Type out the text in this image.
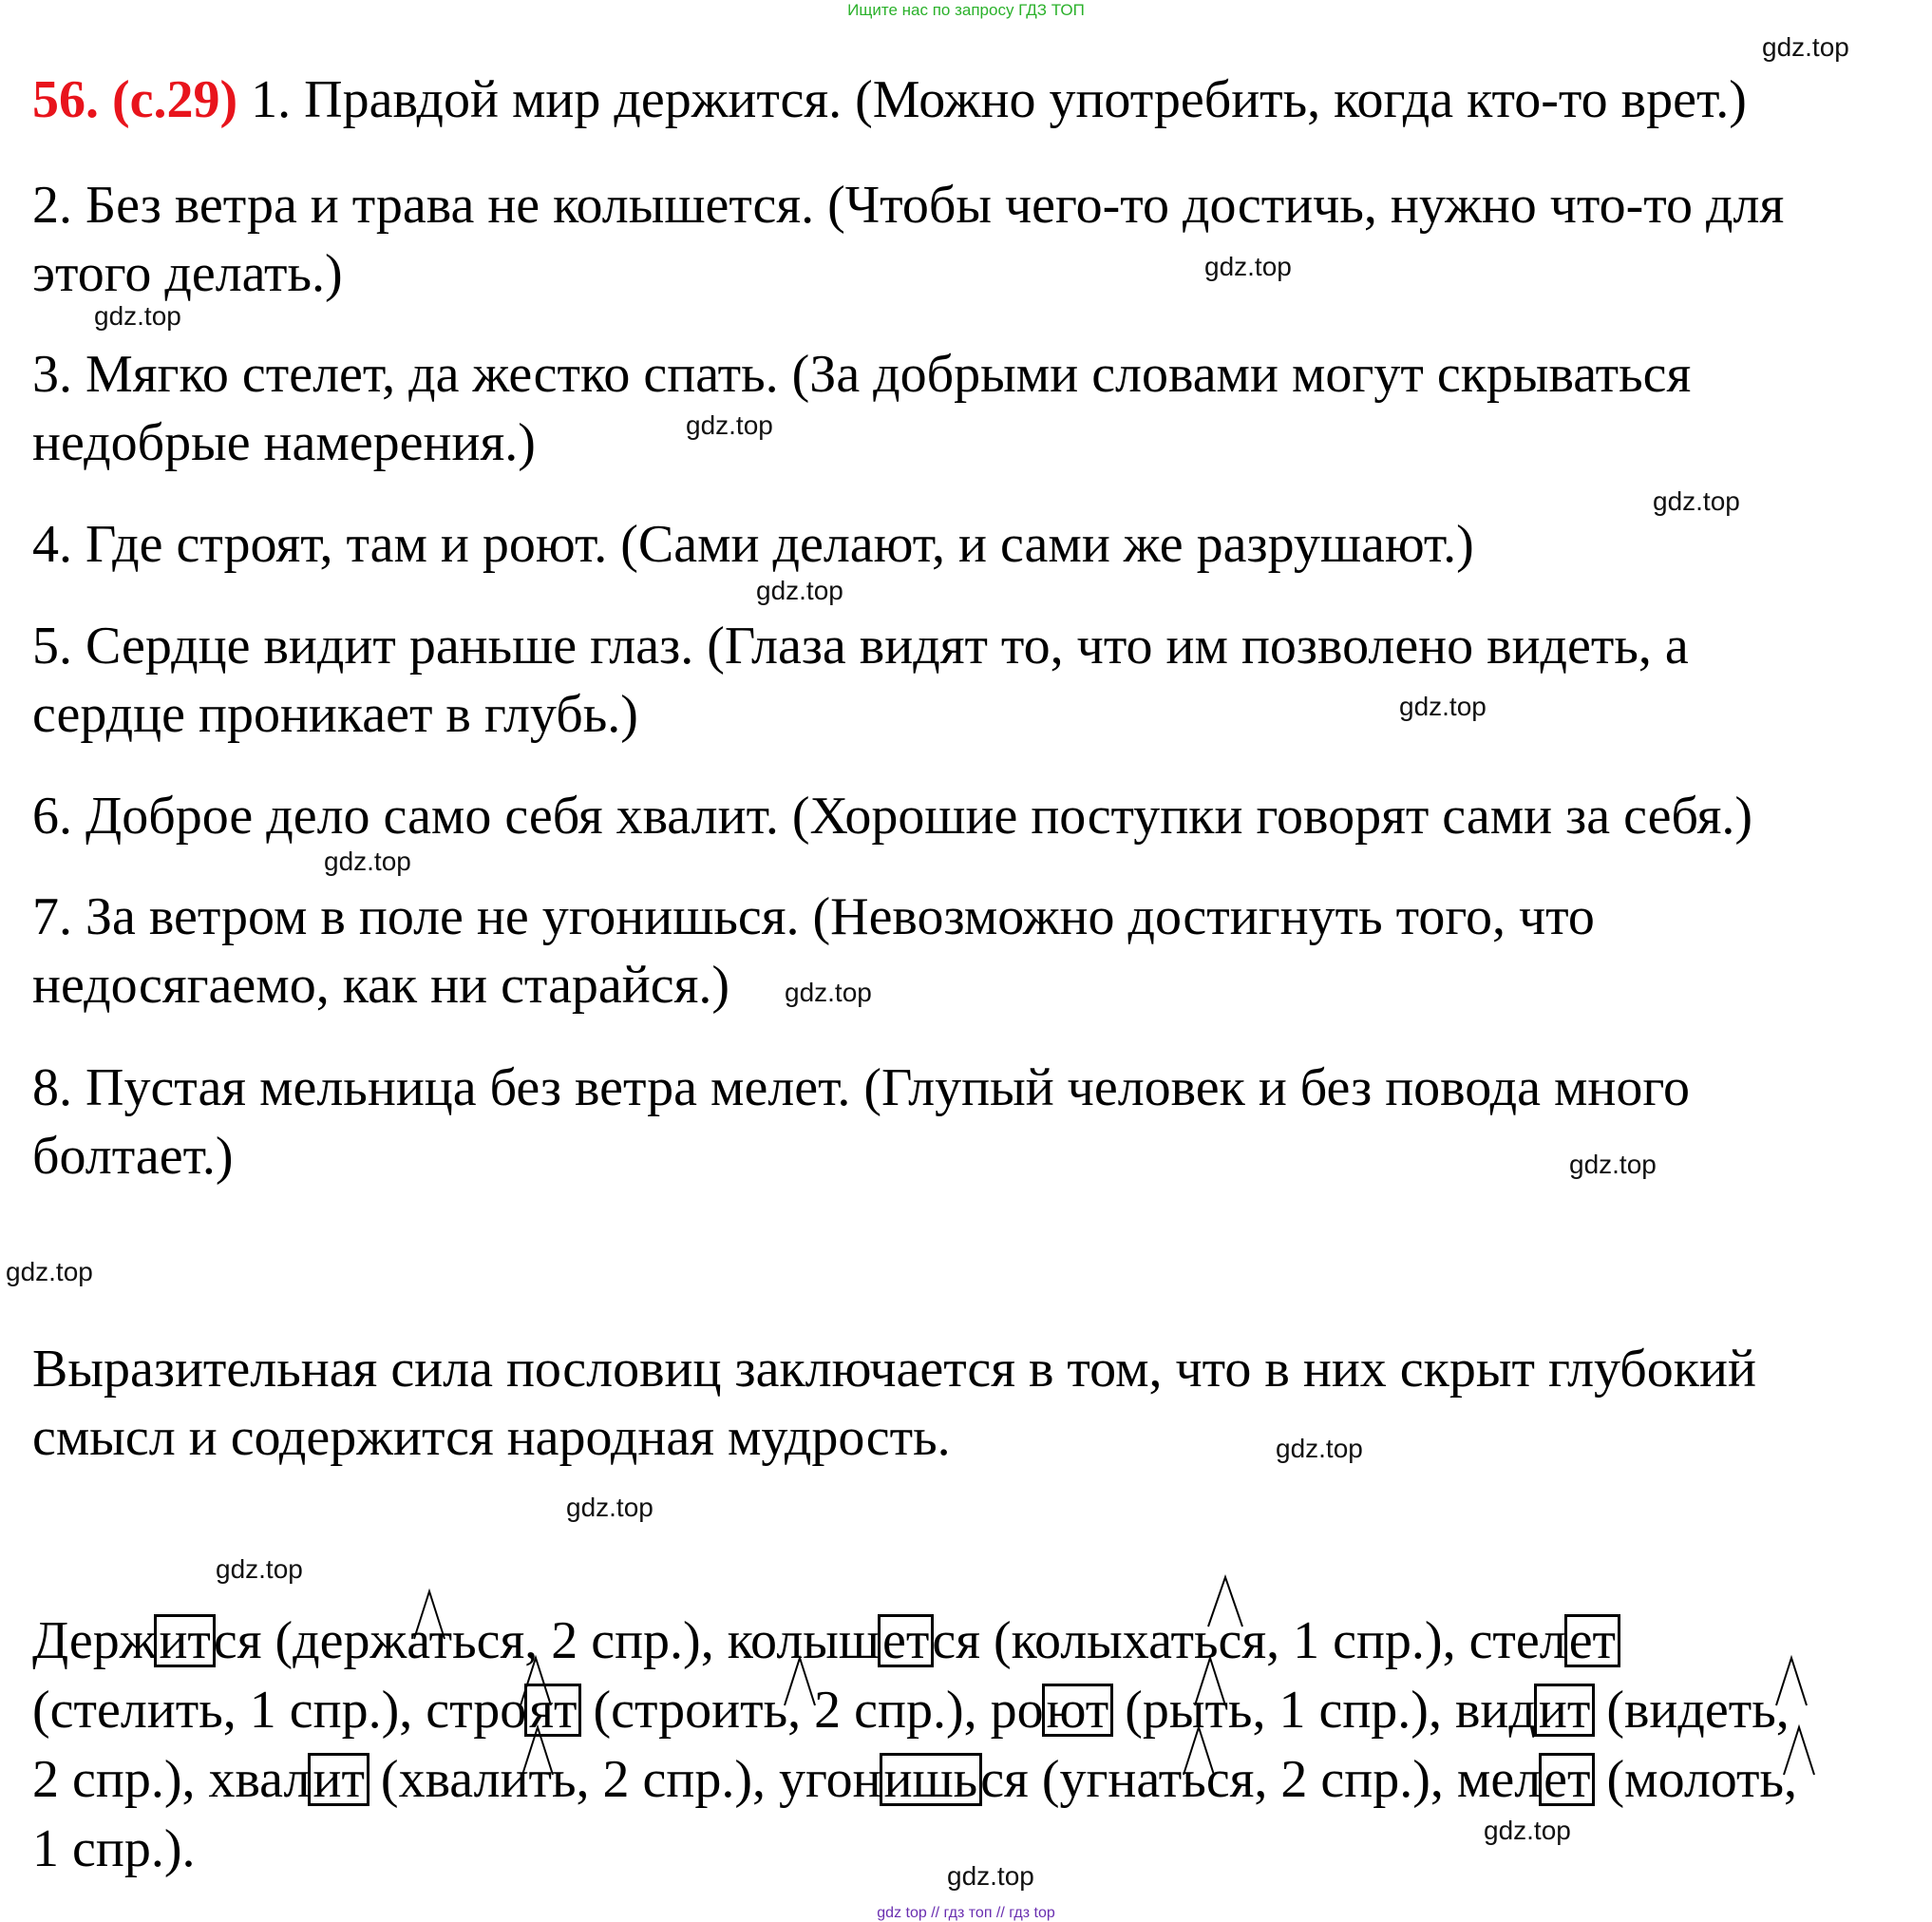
Ищите нас по запросу ГДЗ ТОП
56. (с.29) 1. Правдой мир держится. (Можно употребить, когда кто-то врет.)
2. Без ветра и трава не колышется. (Чтобы чего-то достичь, нужно что-то для
этого делать.)
3. Мягко стелет, да жестко спать. (За добрыми словами могут скрываться
недобрые намерения.)
4. Где строят, там и роют. (Сами делают, и сами же разрушают.)
5. Сердце видит раньше глаз. (Глаза видят то, что им позволено видеть, а
сердце проникает в глубь.)
6. Доброе дело само себя хвалит. (Хорошие поступки говорят сами за себя.)
7. За ветром в поле не угонишься. (Невозможно достигнуть того, что
недосягаемо, как ни старайся.)
8. Пустая мельница без ветра мелет. (Глупый человек и без повода много
болтает.)
Выразительная сила пословиц заключается в том, что в них скрыт глубокий
смысл и содержится народная мудрость.
Держится (держаться, 2 спр.), колышется (колыхаться, 1 спр.), стелет
(стелить, 1 спр.), строят (строить, 2 спр.), роют (рыть, 1 спр.), видит (видеть,
2 спр.), хвалит (хвалить, 2 спр.), угонишься (угнаться, 2 спр.), мелет (молоть,
1 спр.).
gdz.top
gdz.top
gdz.top
gdz.top
gdz.top
gdz.top
gdz.top
gdz.top
gdz.top
gdz.top
gdz.top
gdz.top
gdz.top
gdz.top
gdz.top
gdz.top
gdz top // гдз топ // гдз top
